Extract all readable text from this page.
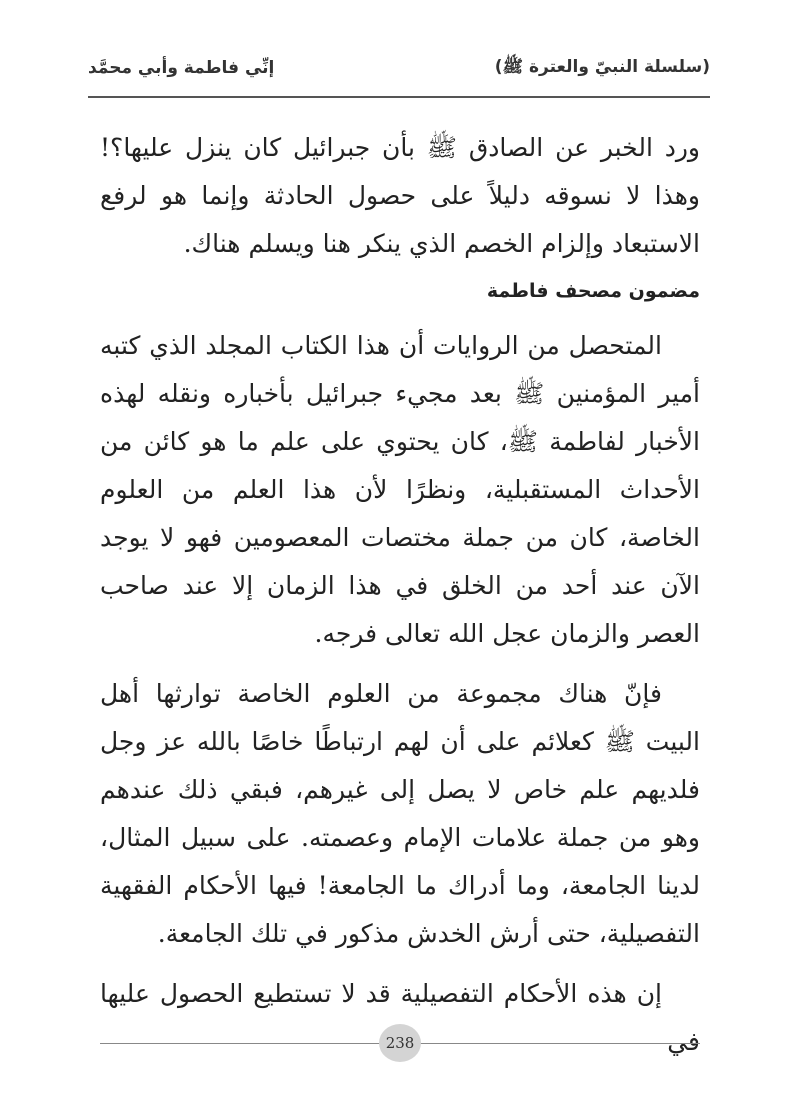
(سلسلة النبيّ والعترة ﷺ)
إنِّي فاطمة وأبي محمَّد

ورد الخبر عن الصادق ﷺ بأن جبرائيل كان ينزل عليها؟! وهذا لا نسوقه دليلاً على حصول الحادثة وإنما هو لرفع الاستبعاد وإلزام الخصم الذي ينكر هنا ويسلم هناك.

مضمون مصحف فاطمة

المتحصل من الروايات أن هذا الكتاب المجلد الذي كتبه أمير المؤمنين ﷺ بعد مجيء جبرائيل بأخباره ونقله لهذه الأخبار لفاطمة ﷺ، كان يحتوي على علم ما هو كائن من الأحداث المستقبلية، ونظرًا لأن هذا العلم من العلوم الخاصة، كان من جملة مختصات المعصومين فهو لا يوجد الآن عند أحد من الخلق في هذا الزمان إلا عند صاحب العصر والزمان عجل الله تعالى فرجه.

فإنّ هناك مجموعة من العلوم الخاصة توارثها أهل البيت ﷺ كعلائم على أن لهم ارتباطًا خاصًا بالله عز وجل فلديهم علم خاص لا يصل إلى غيرهم، فبقي ذلك عندهم وهو من جملة علامات الإمام وعصمته. على سبيل المثال، لدينا الجامعة، وما أدراك ما الجامعة! فيها الأحكام الفقهية التفصيلية، حتى أرش الخدش مذكور في تلك الجامعة.

إن هذه الأحكام التفصيلية قد لا تستطيع الحصول عليها في

238
